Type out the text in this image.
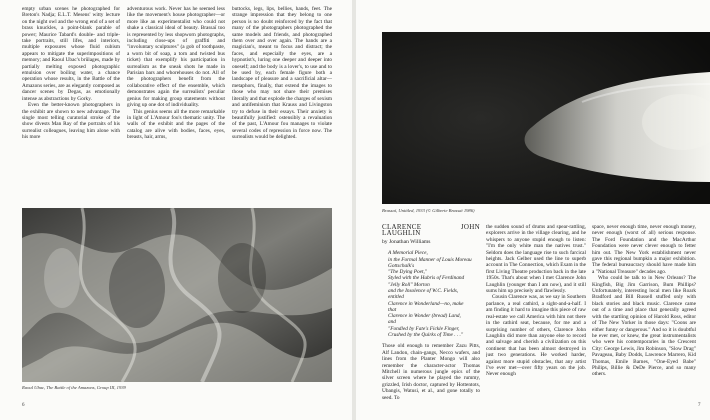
empty urban scenes he photographed for Breton's Nadja; E.L.T. Mesens' witty lecture on the night owl and the wrong end of a set of brass knuckles, a point-blank parable of power; Maurice Tabard's double- and triple-take portraits, still lifes, and interiors, multiple exposures whose fluid cubism appears to mitigate the superimpositions of memory; and Raoul Ubac's brûlages, made by partially melting exposed photographic emulsion over boiling water, a chance operation whose results, in the Battle of the Amazons series, are as elegantly composed as dancer scenes by Degas, as emotionally intense as abstractions by Gorky.

Even the better-known photographers in the exhibit are shown to new advantage. The single most telling curatorial stroke of the show divests Man Ray of the portraits of his surrealist colleagues, leaving him alone with his more

adventurous work. Never has he seemed less like the movement's house photographer—or more like an experimentalist who could not shake a classical ideal of beauty. Brassaï too is represented by less shopworn photographs, including close-ups of graffiti and "involuntary sculptures" (a gob of toothpaste, a worn bit of soap, a torn and twisted bus ticket) that exemplify his participation in surrealism as the sneak shots he made in Parisian bars and whorehouses do not. All of the photographers benefit from the collaborative effect of the ensemble, which demonstrates again the surrealists' peculiar genius for making group statements without giving up one dot of individuality.

This genius seems all the more remarkable in light of L'Amour fou's thematic unity. The walls of the exhibit and the pages of the catalog are alive with bodies, faces, eyes, breasts, hair, arms,

buttocks, legs, lips, bellies, hands, feet. The strange impression that they belong to one person is no doubt reinforced by the fact that many of the photographers photographed the same models and friends, and photographed them over and over again. The hands are a magician's, meant to focus and distract; the faces, and especially the eyes, are a hypnotist's, luring one deeper and deeper into oneself; and the body is a lover's, to use and to be used by, each female figure both a landscape of pleasure and a sacrificial altar—metaphors, finally, that extend the images to those who may not share their premises literally and that explode the charges of sexism and antifeminism that Krauss and Livingston try to defuse in their essays. Their anxiety is beautifully justified: ostensibly a revaluation of the past, L'Amour fou manages to violate several codes of repression in force now. The surrealists would be delighted.

Raoul Ubac, The Battle of the Amazons, Group III, 1939
6
Brassaï, Untitled, 1933 (© Gilberte Brassaï 1986)
CLARENCE JOHN LAUGHLIN
by Jonathan Williams
A Memorial Piece,
in the Formal Manner of Louis Moreau
Gottschalk's
"The Dying Poet,"
Styled with the Hubris of Ferdinand
"Jelly Roll" Morton
and the Insolence of W.C. Fields,
entitled
Clarence in Wonderland—no, make
that
Clarence in Wonder (bread) Land,
and
"Fondled by Fate's Fickle Finger,
Crushed by the Quirks of Time . . ."

Those old enough to remember Zazu Pitts, Alf Landon, chain-gangs, Necco wafers, and lines from the Planter Mongo will also remember the character-actor Thomas Mitchell in numerous jungle epics of the silver screen where he played the rummy, grizzled, Irish doctor, captured by Hottentots, Ubangis, Watusi, et al., and gone totally to seed. To

the sudden sound of drums and spear-rattling, explorers arrive in the village clearing, and he whispers to anyone stupid enough to listen: "I'm the only white man the natives trust." Seldom does the language rise to such farcical heights. Jack Gelber used the line to superb account in The Connection, which Exam in the first Living Theatre production back in the late 1950s. That's about when I met Clarence John Laughlin (younger than I am now), and it still sums him up precisely and flawlessly.

Cousin Clarence was, as we say in Southern parlance, a real cathird, a sight-and-a-half. I am finding it hard to imagine this piece of raw real-estate we call America with him not there in the cathird seat, because, for me and a surprising number of others, Clarence John Laughlin did more than anyone else to record and salvage and cherish a civilization on this continent that has been almost destroyed in just two generations. He worked harder, against more stupid obstacles, that any artist I've ever met—over fifty years on the job. Never enough

space, never enough time, never enough money, never enough (worst of all) serious response. The Ford Foundation and the MacArthur Foundation were never clever enough to fetter him out. The New York establishment never gave this regional bumpkin a major exhibition. The federal bureaucracy should have made him a "National Treasure" decades ago.

Who could be talk to in New Orleans? The Kingfish, Big Jim Garrison, Bum Phillips? Unfortunately, interesting local men like Roark Bradford and Bill Russell stuffed only with black stories and black music. Clarence came out of a time and place that generally agreed with the startling opinion of Harold Ross, editor of The New Yorker in those days: "Coons are either funny or dangerous." And so it is doubtful he ever met, or knew, the great instrumentalists who were his contemporaries in the Crescent City: George Lewis, Jim Robinson, "Slow Drag" Pavageau, Baby Dodds, Lawrence Marrero, Kid Thomas, Emile Barnes, "One-Eyed Babe" Philips, Billie & DeDe Pierce, and so many others.

7
